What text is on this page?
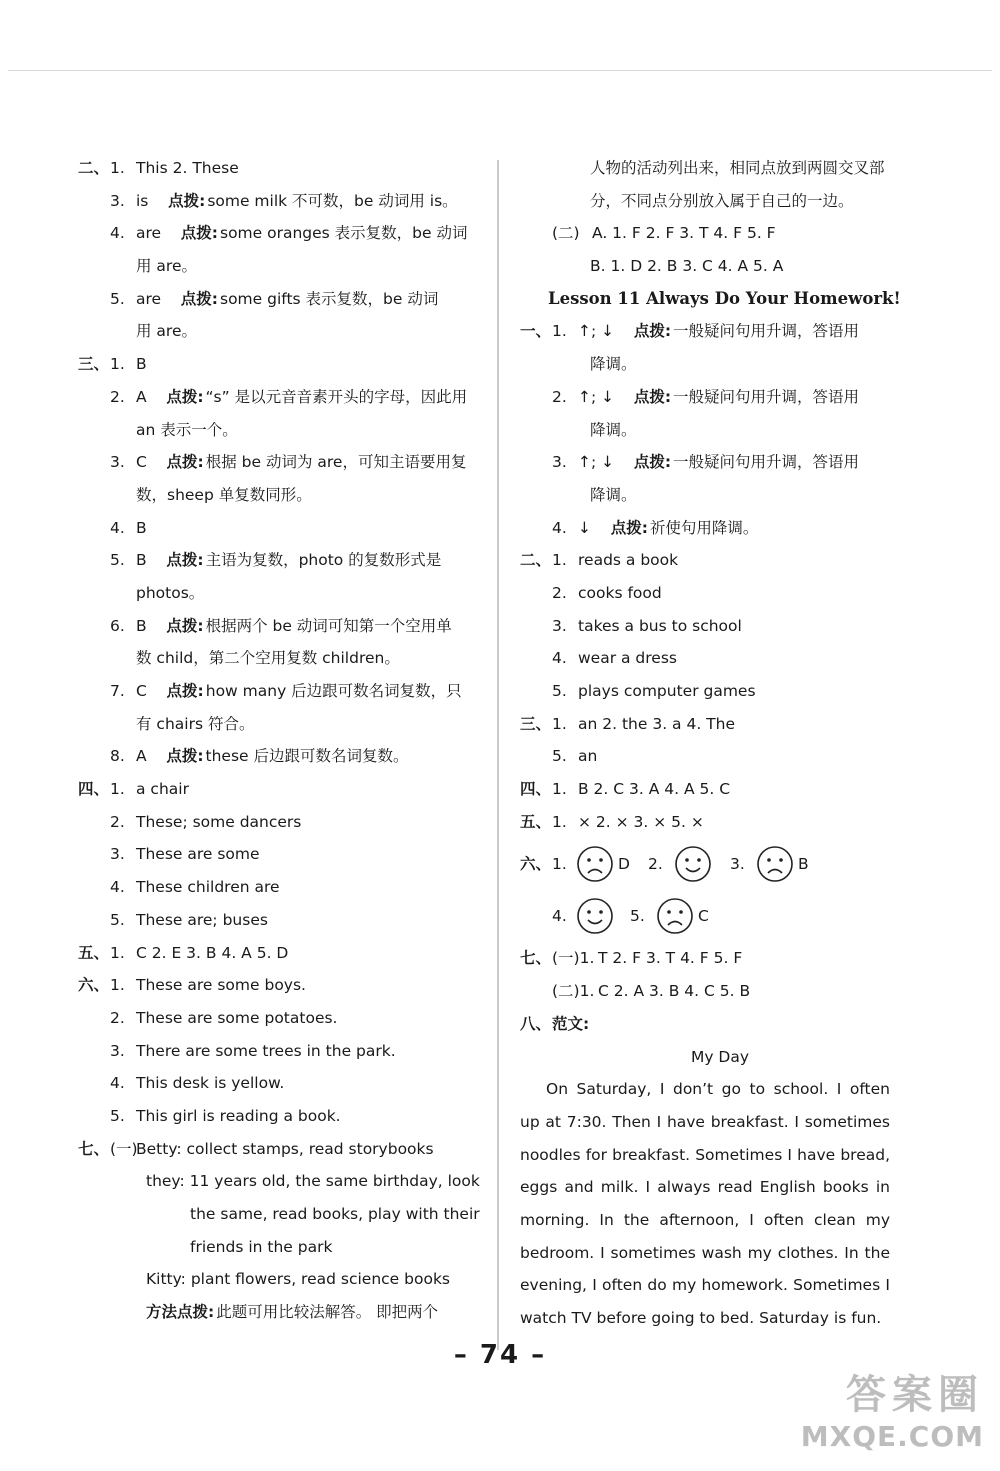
二、 1. This 2. These
3. is 点拨: some milk 不可数，be 动词用 is。
4. are 点拨: some oranges 表示复数，be 动词
用 are。
5. are 点拨: some gifts 表示复数，be 动词
用 are。
三、 1. B
2. A 点拨: “s” 是以元音音素开头的字母，因此用
an 表示一个。
3. C 点拨: 根据 be 动词为 are，可知主语要用复
数，sheep 单复数同形。
4. B
5. B 点拨: 主语为复数，photo 的复数形式是
photos。
6. B 点拨: 根据两个 be 动词可知第一个空用单
数 child，第二个空用复数 children。
7. C 点拨: how many 后边跟可数名词复数，只
有 chairs 符合。
8. A 点拨: these 后边跟可数名词复数。
四、 1. a chair
2. These; some dancers
3. These are some
4. These children are
5. These are; buses
五、 1. C 2. E 3. B 4. A 5. D
六、 1. These are some boys.
2. These are some potatoes.
3. There are some trees in the park.
4. This desk is yellow.
5. This girl is reading a book.
七、 (一)
Betty: collect stamps, read storybooks
they: 11 years old, the same birthday, look
the same, read books, play with their
friends in the park
Kitty: plant flowers, read science books
方法点拨: 此题可用比较法解答。 即把两个
人物的活动列出来，相同点放到两圆交叉部
分，不同点分别放入属于自己的一边。
(二) A. 1. F 2. F 3. T 4. F 5. F
B. 1. D 2. B 3. C 4. A 5. A
Lesson 11 Always Do Your Homework!
一、 1. ↑; ↓ 点拨: 一般疑问句用升调，答语用
降调。
2. ↑; ↓ 点拨: 一般疑问句用升调，答语用
降调。
3. ↑; ↓ 点拨: 一般疑问句用升调，答语用
降调。
4. ↓ 点拨: 祈使句用降调。
二、 1. reads a book
2. cooks food
3. takes a bus to school
4. wear a dress
5. plays computer games
三、 1. an 2. the 3. a 4. The
5. an
四、 1. B 2. C 3. A 4. A 5. C
五、 1. × 2. × 3. × 5. ×
六、 1.	D 2.	3.	B
4.	5.	C
七、 (一)1. T 2. F 3. T 4. F 5. F
(二)1. C 2. A 3. B 4. C 5. B
八、 范文:
My Day
On Saturday, I don’t go to school. I often
up at 7:30. Then I have breakfast. I sometimes
noodles for breakfast. Sometimes I have bread,
eggs and milk. I always read English books in
morning. In the afternoon, I often clean my
bedroom. I sometimes wash my clothes. In the
evening, I often do my homework. Sometimes I
watch TV before going to bed. Saturday is fun.
– 74 –
答案圈
MXQE.COM
